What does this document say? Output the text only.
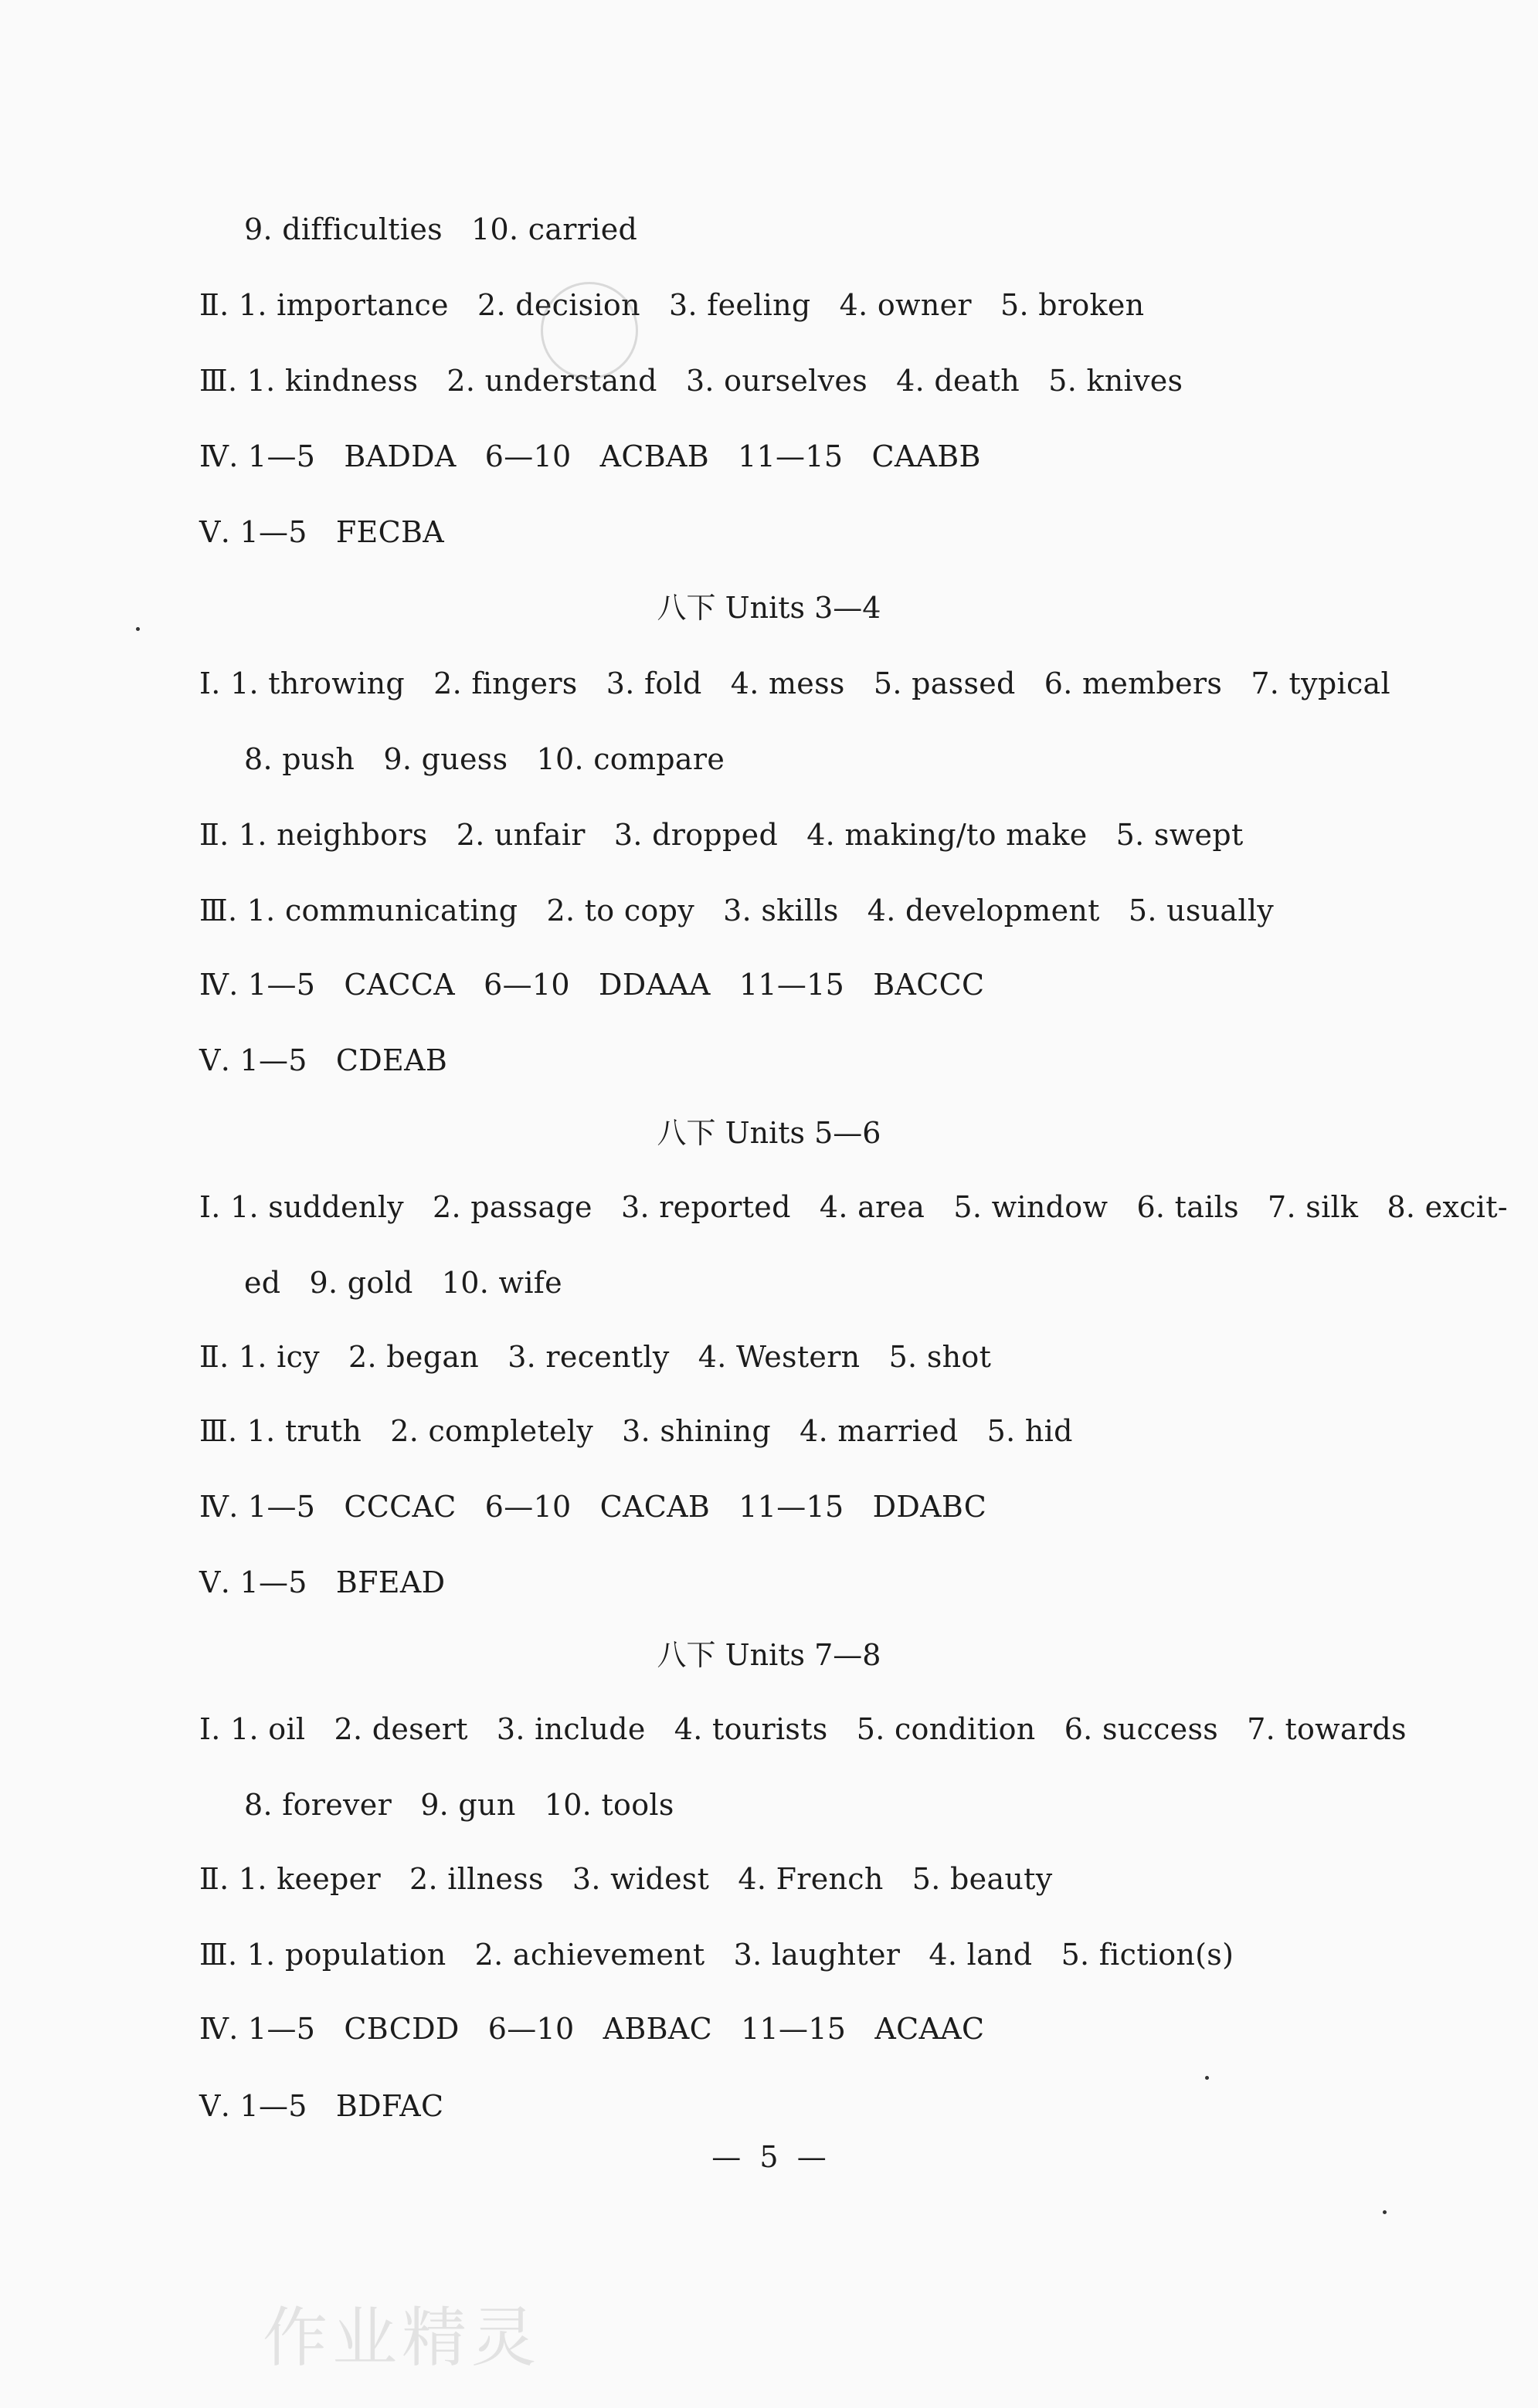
9. difficulties   10. carried
Ⅱ. 1. importance   2. decision   3. feeling   4. owner   5. broken
Ⅲ. 1. kindness   2. understand   3. ourselves   4. death   5. knives
Ⅳ. 1—5   BADDA   6—10   ACBAB   11—15   CAABB
Ⅴ. 1—5   FECBA
八下 Units 3—4
Ⅰ. 1. throwing   2. fingers   3. fold   4. mess   5. passed   6. members   7. typical
8. push   9. guess   10. compare
Ⅱ. 1. neighbors   2. unfair   3. dropped   4. making/to make   5. swept
Ⅲ. 1. communicating   2. to copy   3. skills   4. development   5. usually
Ⅳ. 1—5   CACCA   6—10   DDAAA   11—15   BACCC
Ⅴ. 1—5   CDEAB
八下 Units 5—6
Ⅰ. 1. suddenly   2. passage   3. reported   4. area   5. window   6. tails   7. silk   8. excit-
ed   9. gold   10. wife
Ⅱ. 1. icy   2. began   3. recently   4. Western   5. shot
Ⅲ. 1. truth   2. completely   3. shining   4. married   5. hid
Ⅳ. 1—5   CCCAC   6—10   CACAB   11—15   DDABC
Ⅴ. 1—5   BFEAD
八下 Units 7—8
Ⅰ. 1. oil   2. desert   3. include   4. tourists   5. condition   6. success   7. towards
8. forever   9. gun   10. tools
Ⅱ. 1. keeper   2. illness   3. widest   4. French   5. beauty
Ⅲ. 1. population   2. achievement   3. laughter   4. land   5. fiction(s)
Ⅳ. 1—5   CBCDD   6—10   ABBAC   11—15   ACAAC
Ⅴ. 1—5   BDFAC
—  5  —
作业精灵
